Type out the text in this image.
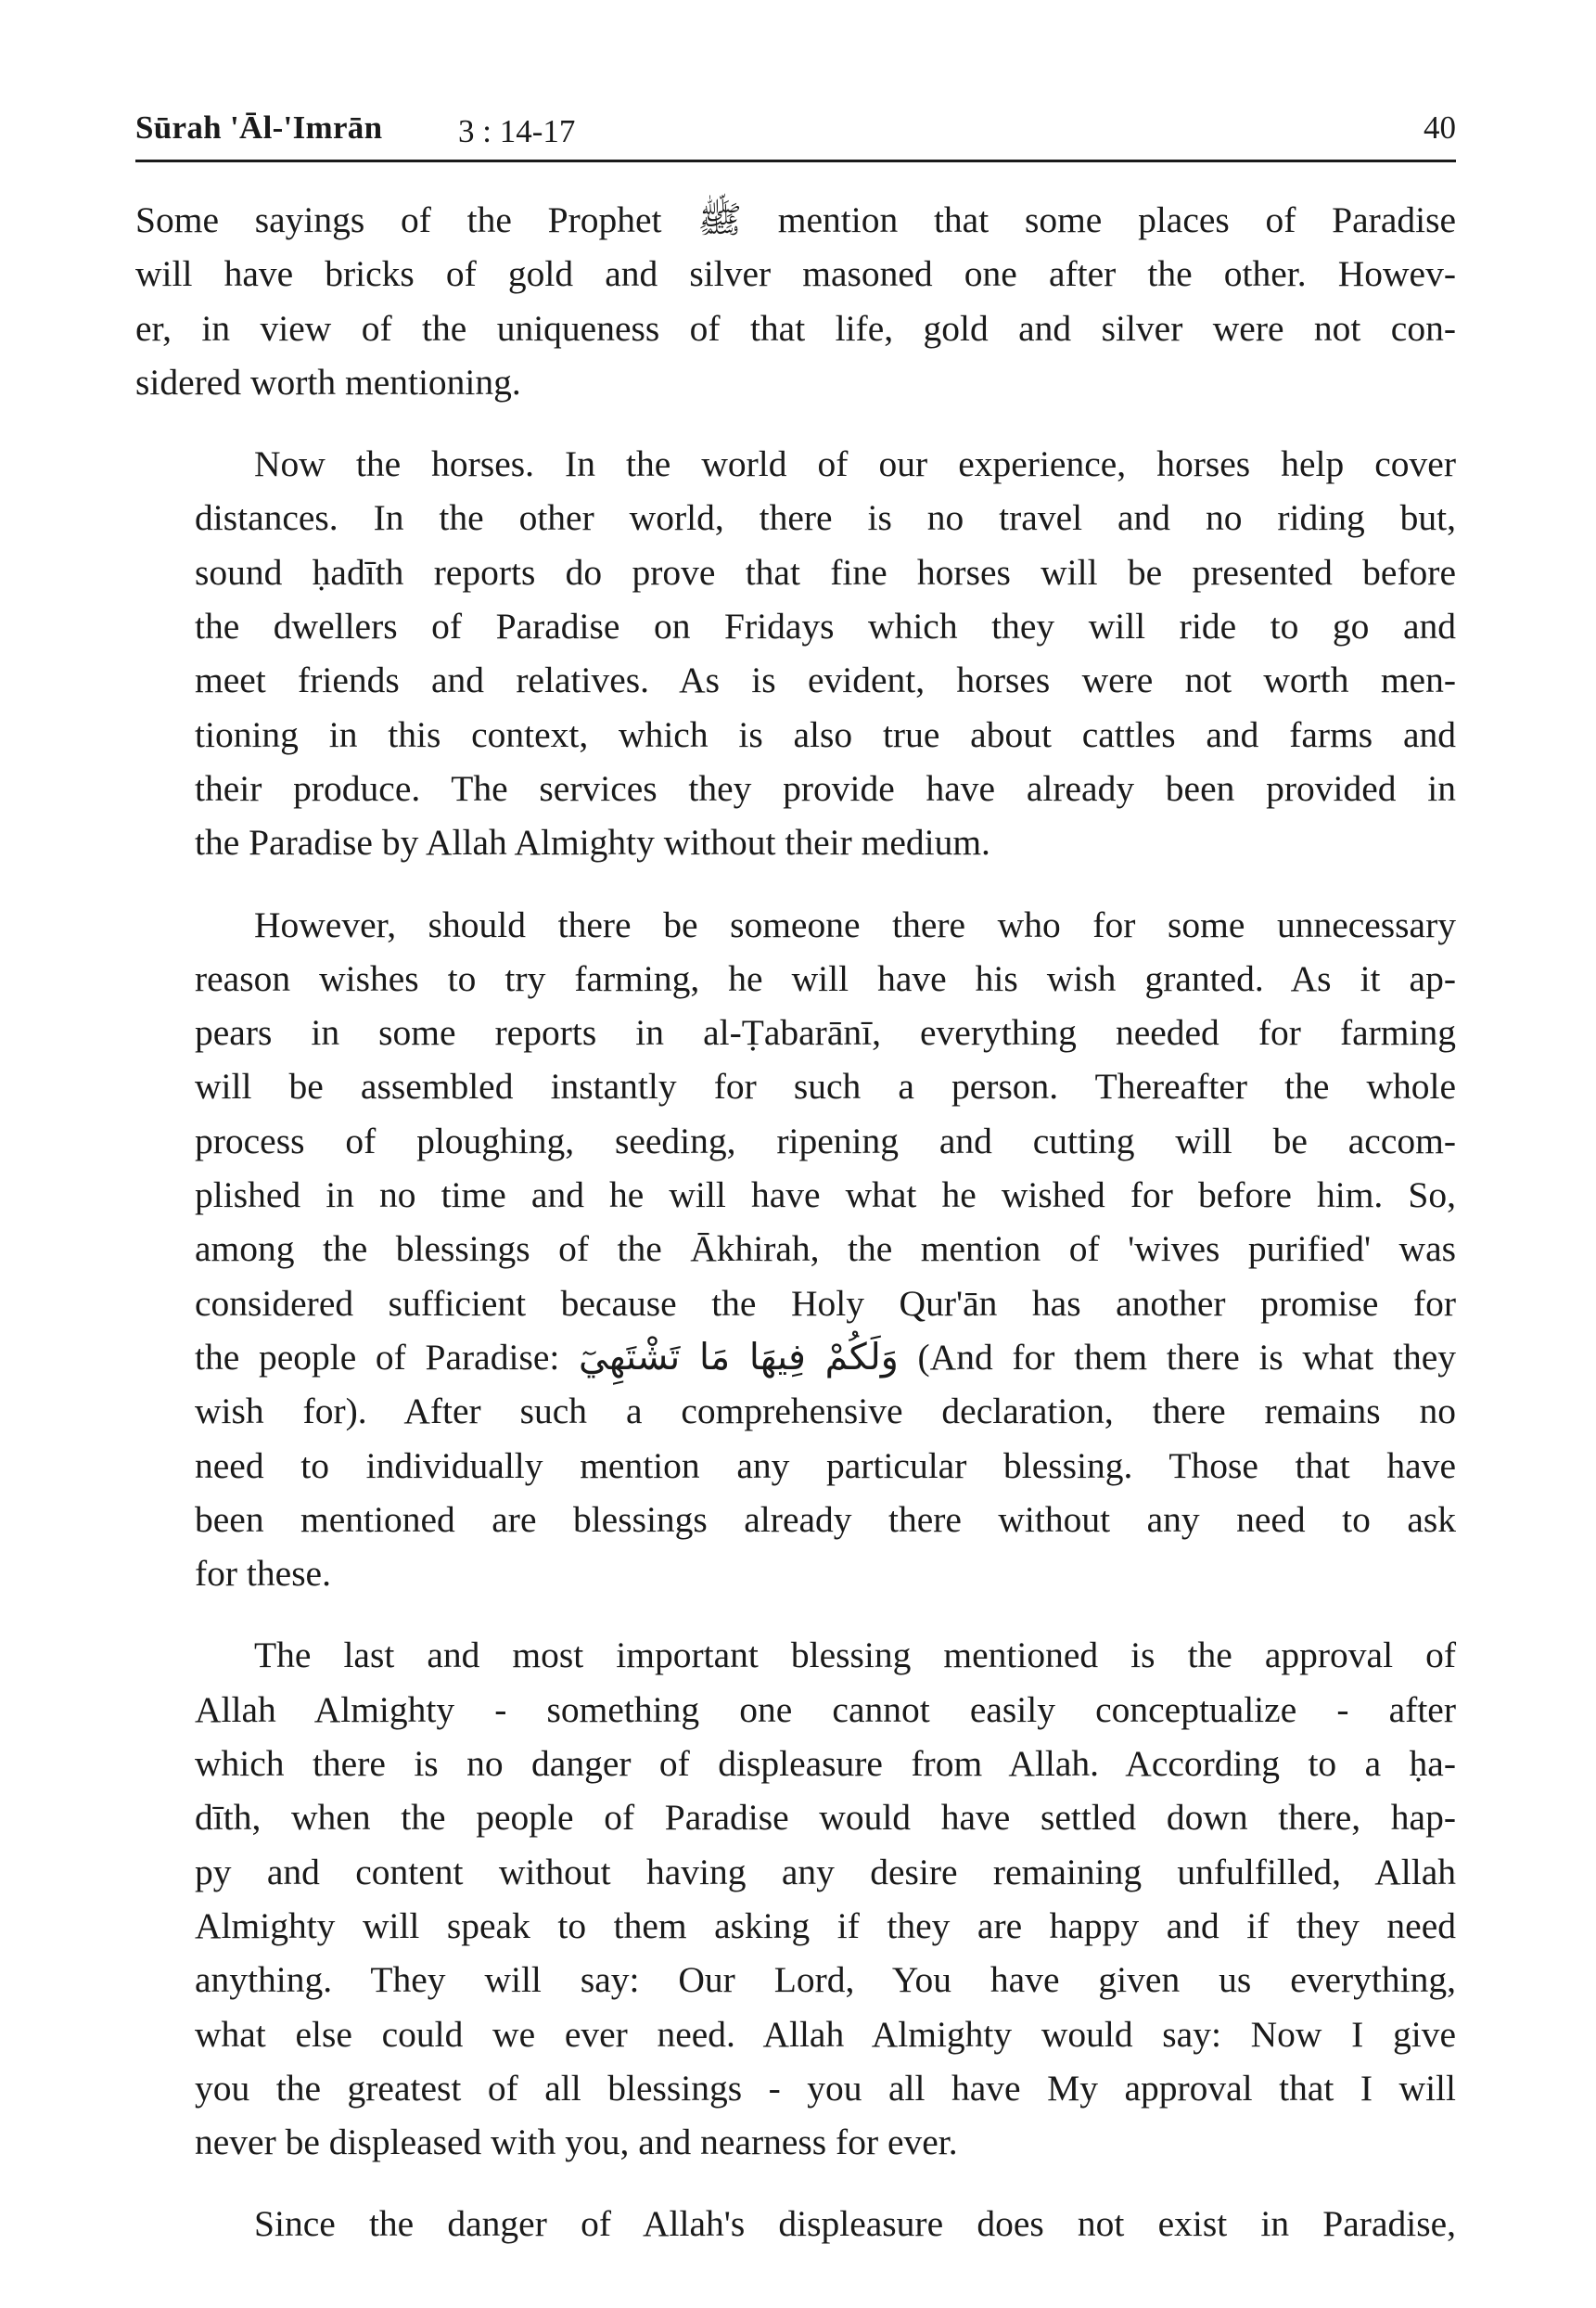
Sūrah 'Āl-'Imrān 3 : 14-17	40

Some sayings of the Prophet ﷺ mention that some places of Paradise
will have bricks of gold and silver masoned one after the other. Howev-
er, in view of the uniqueness of that life, gold and silver were not con-
sidered worth mentioning.

Now the horses. In the world of our experience, horses help cover
distances. In the other world, there is no travel and no riding but,
sound ḥadīth reports do prove that fine horses will be presented before
the dwellers of Paradise on Fridays which they will ride to go and
meet friends and relatives. As is evident, horses were not worth men-
tioning in this context, which is also true about cattles and farms and
their produce. The services they provide have already been provided in
the Paradise by Allah Almighty without their medium.

However, should there be someone there who for some unnecessary
reason wishes to try farming, he will have his wish granted. As it ap-
pears in some reports in al-Ṭabarānī, everything needed for farming
will be assembled instantly for such a person. Thereafter the whole
process of ploughing, seeding, ripening and cutting will be accom-
plished in no time and he will have what he wished for before him. So,
among the blessings of the Ākhirah, the mention of 'wives purified' was
considered sufficient because the Holy Qur'ān has another promise for
the people of Paradise: وَلَكُمْ فِيهَا مَا تَشْتَهِيٓ (And for them there is what they
wish for). After such a comprehensive declaration, there remains no
need to individually mention any particular blessing. Those that have
been mentioned are blessings already there without any need to ask
for these.

The last and most important blessing mentioned is the approval of
Allah Almighty - something one cannot easily conceptualize - after
which there is no danger of displeasure from Allah. According to a ḥa-
dīth, when the people of Paradise would have settled down there, hap-
py and content without having any desire remaining unfulfilled, Allah
Almighty will speak to them asking if they are happy and if they need
anything. They will say: Our Lord, You have given us everything,
what else could we ever need. Allah Almighty would say: Now I give
you the greatest of all blessings - you all have My approval that I will
never be displeased with you, and nearness for ever.

Since the danger of Allah's displeasure does not exist in Paradise,
